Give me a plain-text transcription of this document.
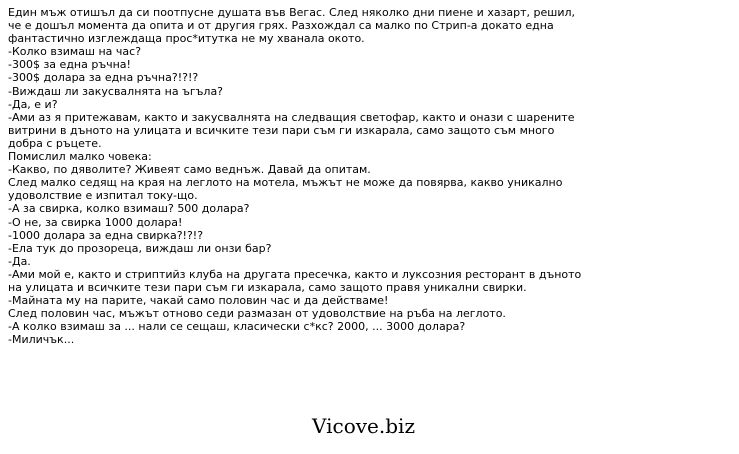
Един мъж отишъл да си поотпусне душата във Вегас. След няколко дни пиене и хазарт, решил,
че е дошъл момента да опита и от другия грях. Разхождал са малко по Стрип-а докато една
фантастично изглеждаща прос*итутка не му хванала окото.
-Колко взимаш на час?
-300$ за една ръчна!
-300$ долара за една ръчна?!?!?
-Виждаш ли закусвалнята на ъгъла?
-Да, е и?
-Ами аз я притежавам, както и закусвалнята на следващия светофар, както и онази с шарените
витрини в дъното на улицата и всичките тези пари съм ги изкарала, само защото съм много
добра с ръцете.
Помислил малко човека:
-Какво, по дяволите? Живеят само веднъж. Давай да опитам.
След малко седящ на края на леглото на мотела, мъжът не може да повярва, какво уникално
удоволствие е изпитал току-що.
-А за свирка, колко взимаш? 500 долара?
-О не, за свирка 1000 долара!
-1000 долара за една свирка?!?!?
-Ела тук до прозореца, виждаш ли онзи бар?
-Да.
-Ами мой е, както и стриптийз клуба на другата пресечка, както и луксозния ресторант в дъното
на улицата и всичките тези пари съм ги изкарала, само защото правя уникални свирки.
-Майната му на парите, чакай само половин час и да действаме!
След половин час, мъжът отново седи размазан от удоволствие на ръба на леглото.
-А колко взимаш за ... нали се сещаш, класически с*кс? 2000, ... 3000 долара?
-Миличък...
Vicove.biz
